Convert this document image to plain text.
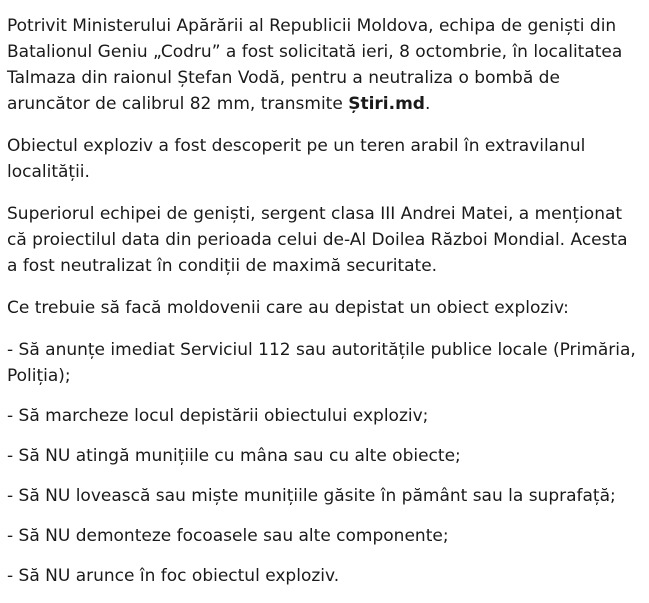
Potrivit Ministerului Apărării al Republicii Moldova, echipa de geniști din Batalionul Geniu „Codru” a fost solicitată ieri, 8 octombrie, în localitatea Talmaza din raionul Ștefan Vodă, pentru a neutraliza o bombă de aruncător de calibrul 82 mm, transmite Știri.md.

Obiectul exploziv a fost descoperit pe un teren arabil în extravilanul localității.

Superiorul echipei de geniști, sergent clasa III Andrei Matei, a menționat că proiectilul data din perioada celui de-Al Doilea Război Mondial. Acesta a fost neutralizat în condiții de maximă securitate.

Ce trebuie să facă moldovenii care au depistat un obiect exploziv:

- Să anunțe imediat Serviciul 112 sau autoritățile publice locale (Primăria, Poliția);

- Să marcheze locul depistării obiectului exploziv;

- Să NU atingă munițiile cu mâna sau cu alte obiecte;

- Să NU lovească sau miște munițiile găsite în pământ sau la suprafață;

- Să NU demonteze focoasele sau alte componente;

- Să NU arunce în foc obiectul exploziv.
